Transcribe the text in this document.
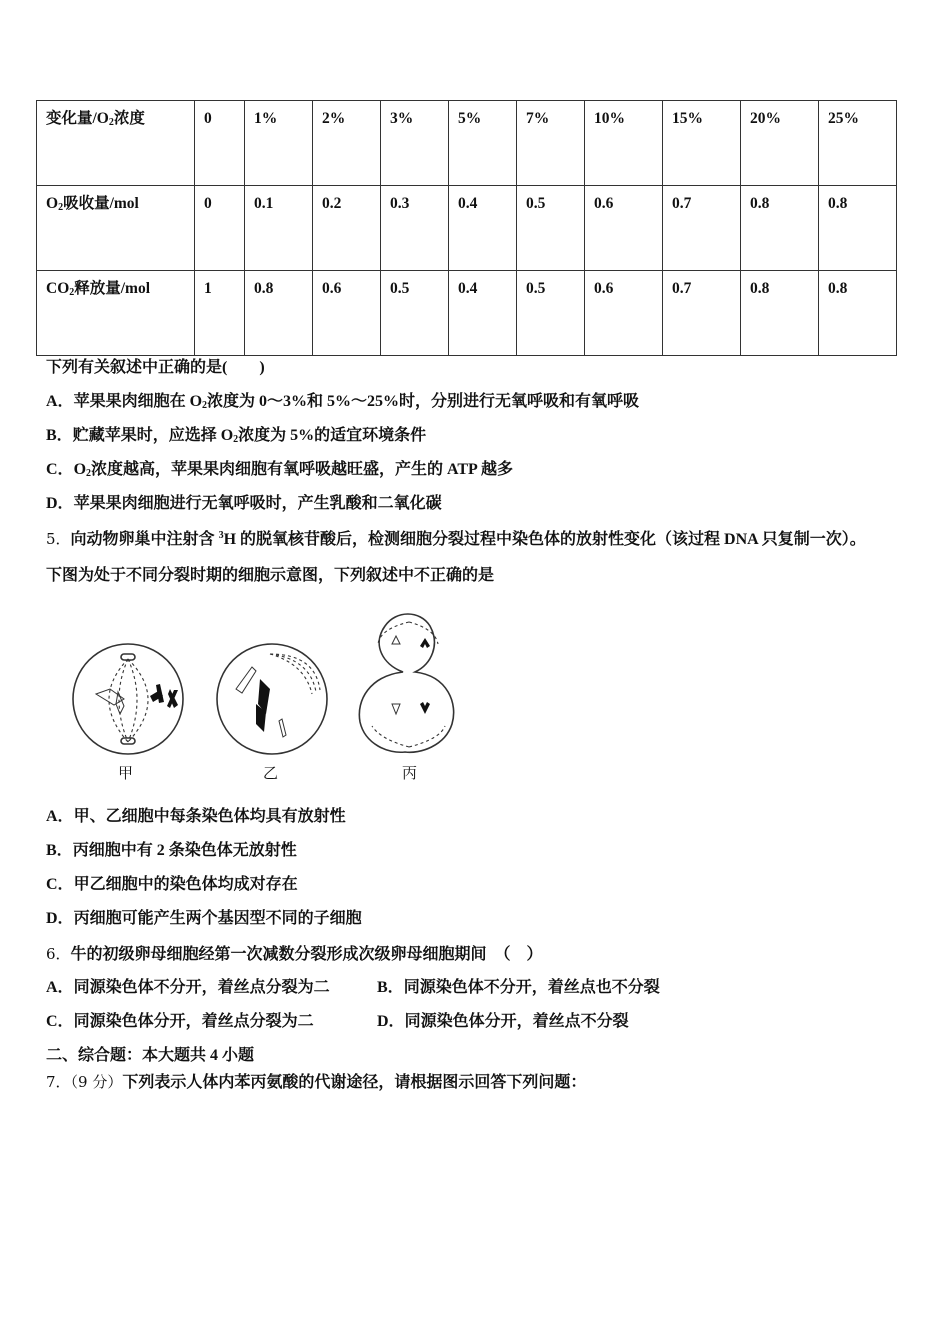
变化量$/O_2$浓度	0	1%	2%	3%	5%	7%	10%	15%	20%	25%
$O_2$吸收量/mol	0	0.1	0.2	0.3	0.4	0.5	0.6	0.7	0.8	0.8
$CO_2$释放量/mol	1	0.8	0.6	0.5	0.4	0.5	0.6	0.7	0.8	0.8
下列有关叙述中正确的是(　　)
A．苹果果肉细胞在 $O_2$浓度为 0～3%和 5%～25%时，分别进行无氧呼吸和有氧呼吸
B．贮藏苹果时，应选择 $O_2$浓度为 5%的适宜环境条件
C．$O_2$浓度越高，苹果果肉细胞有氧呼吸越旺盛，产生的 ATP 越多
D．苹果果肉细胞进行无氧呼吸时，产生乳酸和二氧化碳
5．向动物卵巢中注射含 $^3$H 的脱氧核苷酸后，检测细胞分裂过程中染色体的放射性变化（该过程 DNA 只复制一次）。
下图为处于不同分裂时期的细胞示意图，下列叙述中不正确的是
甲	乙	丙
A．甲、乙细胞中每条染色体均具有放射性
B．丙细胞中有 2 条染色体无放射性
C．甲乙细胞中的染色体均成对存在
D．丙细胞可能产生两个基因型不同的子细胞
6．牛的初级卵母细胞经第一次减数分裂形成次级卵母细胞期间　（　）
A．同源染色体不分开，着丝点分裂为二	B．同源染色体不分开，着丝点也不分裂
C．同源染色体分开，着丝点分裂为二	D．同源染色体分开，着丝点不分裂
二、综合题：本大题共 4 小题
7．（9 分）下列表示人体内苯丙氨酸的代谢途径，请根据图示回答下列问题：
